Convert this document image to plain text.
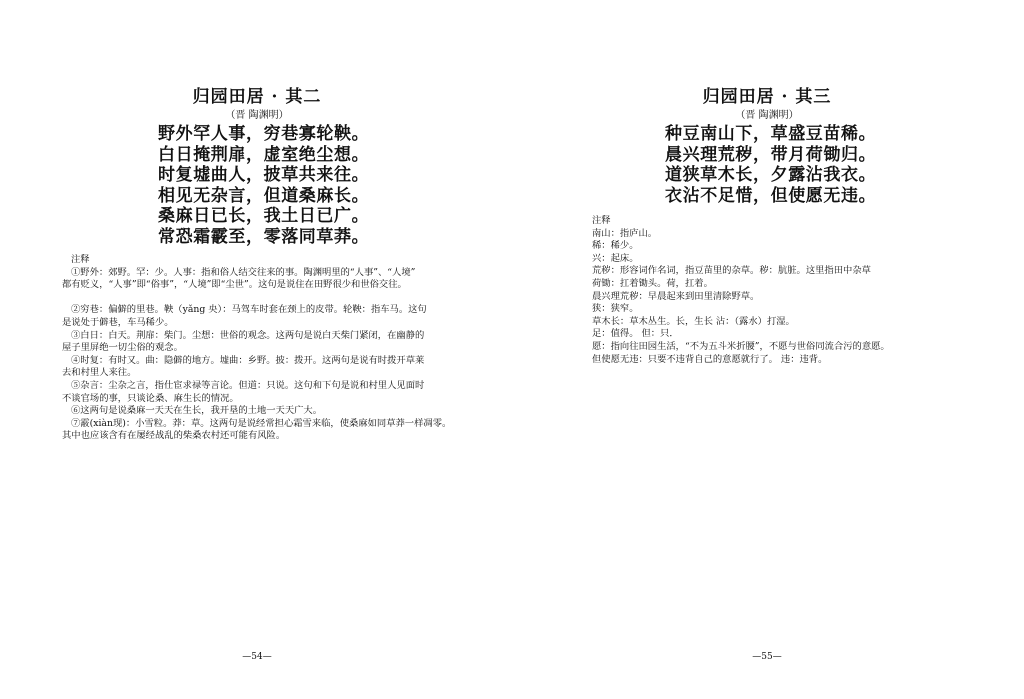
归园田居 · 其二
（晋 陶渊明）
野外罕人事，穷巷寡轮鞅。
白日掩荆扉，虚室绝尘想。
时复墟曲人，披草共来往。
相见无杂言，但道桑麻长。
桑麻日已长，我土日已广。
常恐霜霰至，零落同草莽。
注释
①野外：郊野。罕：少。人事：指和俗人结交往来的事。陶渊明里的“人事”、“人境”
都有贬义，“人事”即“俗事”，“人境”即“尘世”。这句是说住在田野很少和世俗交往。

②穷巷：偏僻的里巷。鞅（yǎng 央）：马驾车时套在颈上的皮带。轮鞅：指车马。这句
是说处于僻巷，车马稀少。
③白日：白天。荆扉：柴门。尘想：世俗的观念。这两句是说白天柴门紧闭，在幽静的
屋子里屏绝一切尘俗的观念。
④时复：有时又。曲：隐僻的地方。墟曲：乡野。披：拨开。这两句是说有时拨开草莱
去和村里人来往。
⑤杂言：尘杂之言，指仕宦求禄等言论。但道：只说。这句和下句是说和村里人见面时
不谈官场的事，只谈论桑、麻生长的情况。
⑥这两句是说桑麻一天天在生长，我开垦的土地一天天广大。
⑦霰(xiàn现)：小雪粒。莽：草。这两句是说经常担心霜雪来临，使桑麻如同草莽一样凋零。
其中也应该含有在屡经战乱的柴桑农村还可能有风险。
—54—
归园田居 · 其三
（晋 陶渊明）
种豆南山下，草盛豆苗稀。
晨兴理荒秽，带月荷锄归。
道狭草木长，夕露沾我衣。
衣沾不足惜，但使愿无违。
注释
南山：指庐山。
稀：稀少。
兴：起床。
荒秽：形容词作名词，指豆苗里的杂草。秽：肮脏。这里指田中杂草
荷锄：扛着锄头。荷，扛着。
晨兴理荒秽：早晨起来到田里清除野草。
狭：狭窄。
草木长：草木丛生。长，生长 沾：（露水）打湿。
足：值得。 但：只．
愿：指向往田园生活，“不为五斗米折腰”，不愿与世俗同流合污的意愿。
但使愿无违：只要不违背自己的意愿就行了。 违：违背。
—55—
